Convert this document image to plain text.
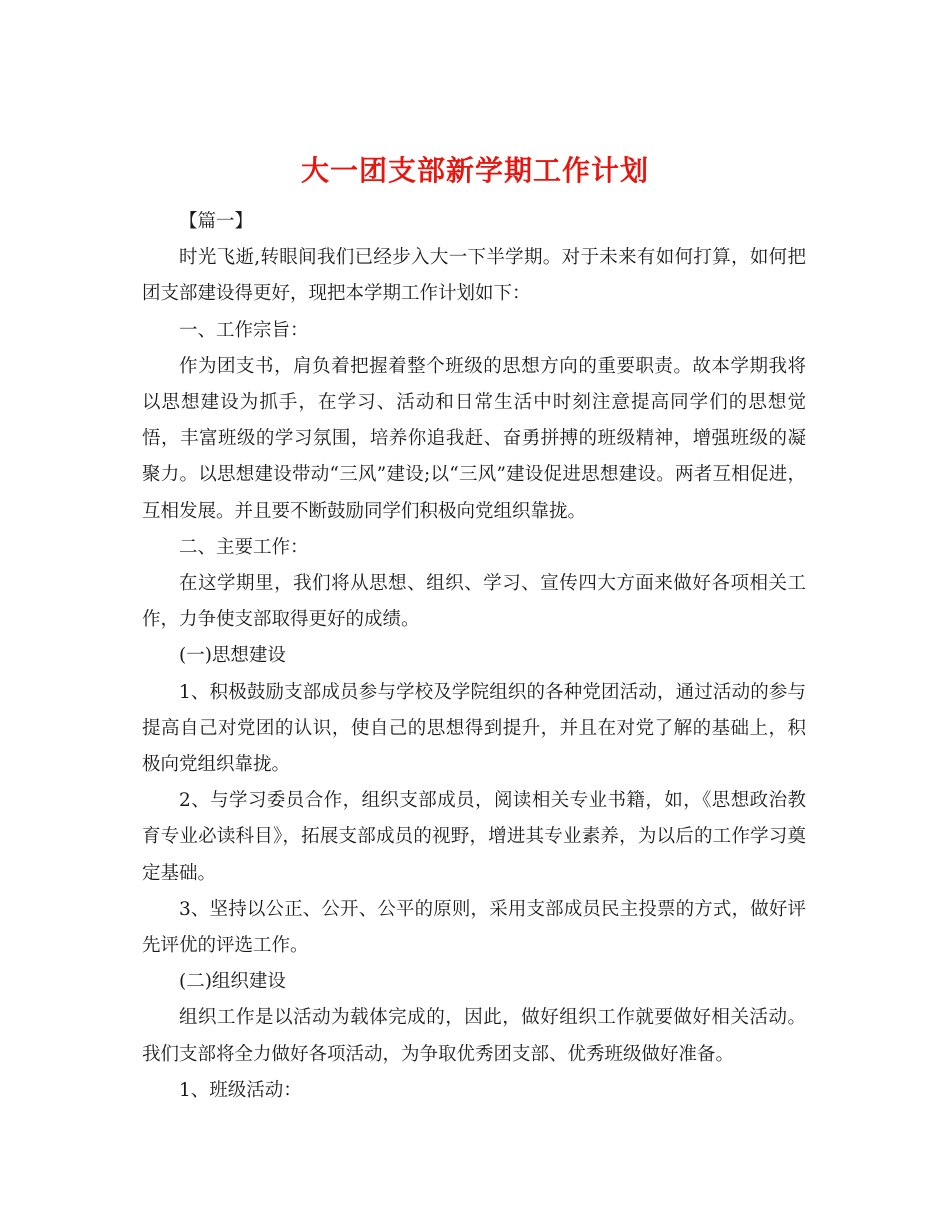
大一团支部新学期工作计划

【篇一】

时光飞逝,转眼间我们已经步入大一下半学期。对于未来有如何打算，如何把团支部建设得更好，现把本学期工作计划如下：

一、工作宗旨：

作为团支书，肩负着把握着整个班级的思想方向的重要职责。故本学期我将以思想建设为抓手，在学习、活动和日常生活中时刻注意提高同学们的思想觉悟，丰富班级的学习氛围，培养你追我赶、奋勇拼搏的班级精神，增强班级的凝聚力。以思想建设带动“三风”建设;以“三风”建设促进思想建设。两者互相促进，互相发展。并且要不断鼓励同学们积极向党组织靠拢。

二、主要工作：

在这学期里，我们将从思想、组织、学习、宣传四大方面来做好各项相关工作，力争使支部取得更好的成绩。

(一)思想建设

1、积极鼓励支部成员参与学校及学院组织的各种党团活动，通过活动的参与提高自己对党团的认识，使自己的思想得到提升，并且在对党了解的基础上，积极向党组织靠拢。

2、与学习委员合作，组织支部成员，阅读相关专业书籍，如，《思想政治教育专业必读科目》，拓展支部成员的视野，增进其专业素养，为以后的工作学习奠定基础。

3、坚持以公正、公开、公平的原则，采用支部成员民主投票的方式，做好评先评优的评选工作。

(二)组织建设

组织工作是以活动为载体完成的，因此，做好组织工作就要做好相关活动。我们支部将全力做好各项活动，为争取优秀团支部、优秀班级做好准备。

1、班级活动：
